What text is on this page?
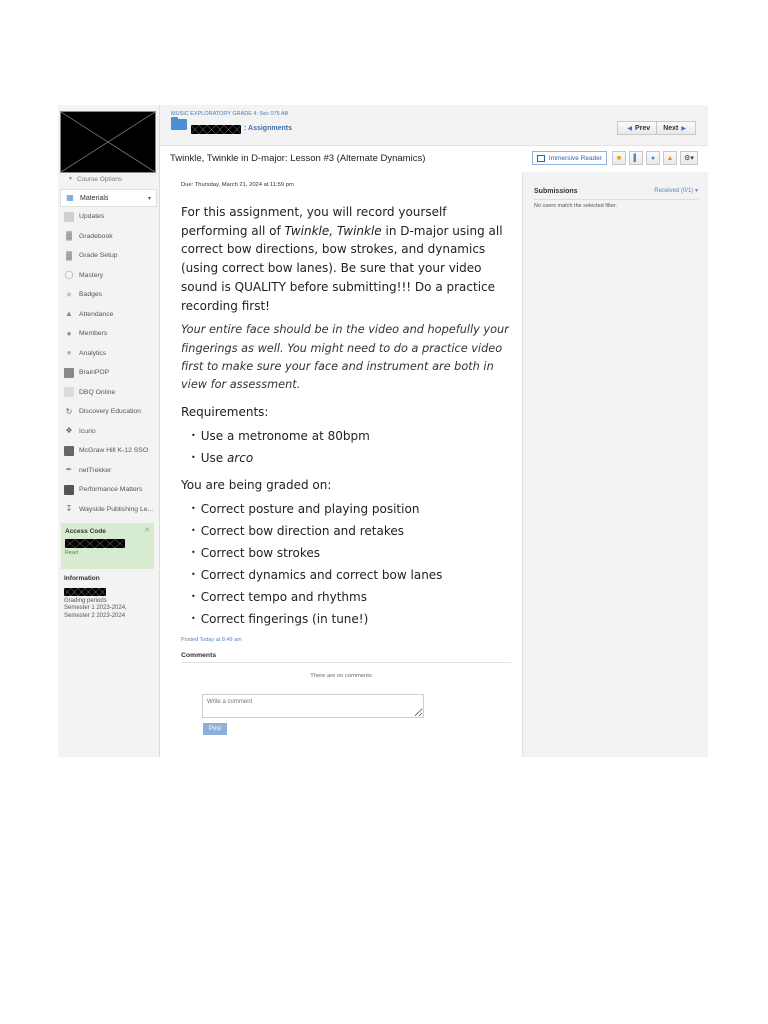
▼ Course Options
▦ Materials	▾
Updates
▓	Gradebook
▓	Grade Setup
◯ Mastery
★ Badges
▲ Attendance
●	Members
●	Analytics
BrainPOP
DBQ Online
↻ Discovery Education
❖ Icurio
McGraw Hill K-12 SSO
✒ netTrekker
Performance Matters
↧ Wayside Publishing Le...
Access Code	✕
Reset
Information
Grading periods
Semester 1 2023-2024,
Semester 2 2023-2024
MUSIC EXPLORATORY GRADE 4: Sec 075 AB
: Assignments	◀ Prev Next ▶
Twinkle, Twinkle in D-major: Lesson #3 (Alternate Dynamics)	Immersive Reader ■ ▌ ● ▲ ⚙▾
Due: Thursday, March 21, 2024 at 11:59 pm

For this assignment, you will record yourself performing all of Twinkle, Twinkle in D-major using all correct bow directions, bow strokes, and dynamics (using correct bow lanes). Be sure that your video sound is QUALITY before submitting!!! Do a practice recording first!

Your entire face should be in the video and hopefully your fingerings as well. You might need to do a practice video first to make sure your face and instrument are both in view for assessment.

Requirements:

• Use a metronome at 80bpm
• Use arco

You are being graded on:

• Correct posture and playing position
• Correct bow direction and retakes
• Correct bow strokes
• Correct dynamics and correct bow lanes
• Correct tempo and rhythms
• Correct fingerings (in tune!)
Posted Today at 8:49 am
Comments
There are no comments
Write a comment
Post
Submissions	Received (0/1) ▾
No users match the selected filter.
